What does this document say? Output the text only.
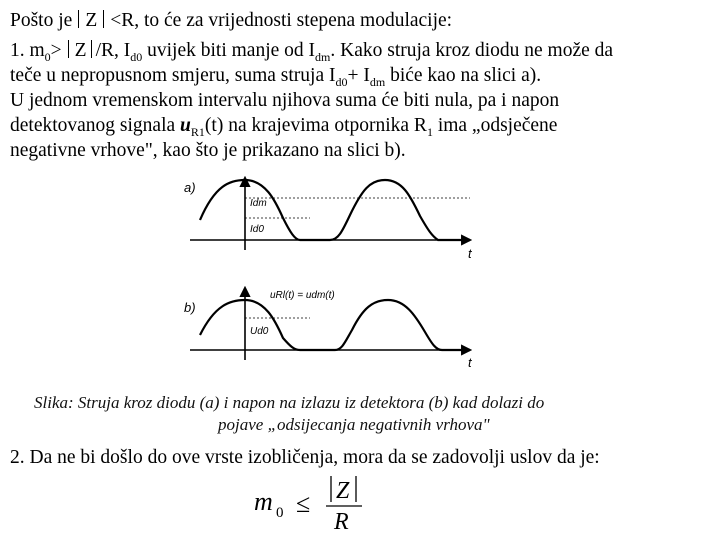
Pošto je Z <R, to će za vrijednosti stepena modulacije:
1. $m_0> Z$ /R, $I_{d0}$ uvijek biti manje od $I_{dm}$. Kako struja kroz diodu ne može da
teče u nepropusnom smjeru, suma struja $I_{d0}+ I_{dm}$ biće kao na slici a).
U jednom vremenskom intervalu njihova suma će biti nula, pa i napon
detektovanog signala $u_{R1}(t)$ na krajevima otpornika $R_1$ ima „odsječene
negativne vrhove", kao što je prikazano na slici b).
a)
Idm
Id0
t
b)
uRl(t) = udm(t)
Ud0
t
Slika: Struja kroz diodu (a) i napon na izlazu iz detektora (b) kad dolazi do
pojave „odsijecanja negativnih vrhova"
2. Da ne bi došlo do ove vrste izobličenja, mora da se zadovolji uslov da je:
m 0 ≤ Z
R
